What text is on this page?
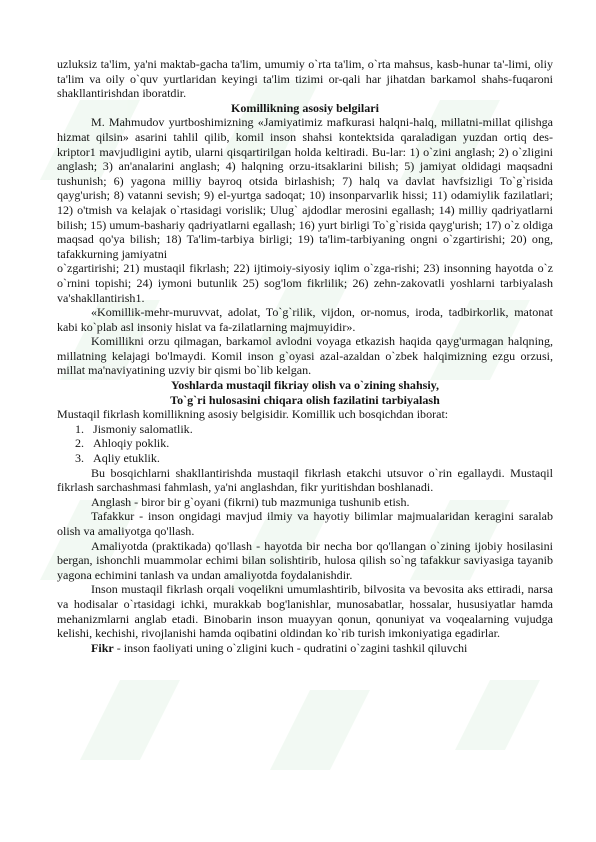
uzluksiz ta'lim, ya'ni maktab-gacha ta'lim, umumiy o`rta ta'lim, o`rta mahsus, kasb-hunar ta'-limi, oliy ta'lim va oily o`quv yurtlaridan keyingi ta'lim tizimi or-qali har jihatdan barkamol shahs-fuqaroni shakllantirishdan iboratdir.

Komillikning asosiy belgilari

M. Mahmudov yurtboshimizning «Jamiyatimiz mafkurasi halqni-halq, millatni-millat qilishga hizmat qilsin» asarini tahlil qilib, komil inson shahsi kontektsida qaraladigan yuzdan ortiq des-kriptor1 mavjudligini aytib, ularni qisqartirilgan holda keltiradi. Bu-lar: 1) o`zini anglash; 2) o`zligini anglash; 3) an'analarini anglash; 4) halqning orzu-itsaklarini bilish; 5) jamiyat oldidagi maqsadni tushunish; 6) yagona milliy bayroq otsida birlashish; 7) halq va davlat havfsizligi To`g`risida qayg'urish; 8) vatanni sevish; 9) el-yurtga sadoqat; 10) insonparvarlik hissi; 11) odamiylik fazilatlari; 12) o'tmish va kelajak o`rtasidagi vorislik; Ulug` ajdodlar merosini egallash; 14) milliy qadriyatlarni bilish; 15) umum-bashariy qadriyatlarni egallash; 16) yurt birligi To`g`risida qayg'urish; 17) o`z oldiga maqsad qo'ya bilish; 18) Ta'lim-tarbiya birligi; 19) ta'lim-tarbiyaning ongni o`zgartirishi; 20) ong, tafakkurning jamiyatni

o`zgartirishi; 21) mustaqil fikrlash; 22) ijtimoiy-siyosiy iqlim o`zga-rishi; 23) insonning hayotda o`z o`rnini topishi; 24) iymoni butunlik 25) sog'lom fikrlilik; 26) zehn-zakovatli yoshlarni tarbiyalash va'shakllantirish1.

«Komillik-mehr-muruvvat, adolat, To`g`rilik, vijdon, or-nomus, iroda, tadbirkorlik, matonat kabi ko`plab asl insoniy hislat va fa-zilatlarning majmuyidir».

Komillikni orzu qilmagan, barkamol avlodni voyaga etkazish haqida qayg'urmagan halqning, millatning kelajagi bo'lmaydi. Komil inson g`oyasi azal-azaldan o`zbek halqimizning ezgu orzusi, millat ma'naviyatining uzviy bir qismi bo`lib kelgan.

Yoshlarda mustaqil fikriay olish va o`zining shahsiy,
To`g`ri hulosasini chiqara olish fazilatini tarbiyalash

Mustaqil fikrlash komillikning asosiy belgisidir. Komillik uch bosqichdan iborat:

1. Jismoniy salomatlik.
2. Ahloqiy poklik.
3. Aqliy etuklik.

Bu bosqichlarni shakllantirishda mustaqil fikrlash etakchi utsuvor o`rin egallaydi. Mustaqil fikrlash sarchashmasi fahmlash, ya'ni anglashdan, fikr yuritishdan boshlanadi.

Anglash - biror bir g`oyani (fikrni) tub mazmuniga tushunib etish.

Tafakkur - inson ongidagi mavjud ilmiy va hayotiy bilimlar majmualaridan keragini saralab olish va amaliyotga qo'llash.

Amaliyotda (praktikada) qo'llash - hayotda bir necha bor qo'llangan o`zining ijobiy hosilasini bergan, ishonchli muammolar echimi bilan solishtirib, hulosa qilish so`ng tafakkur saviyasiga tayanib yagona echimini tanlash va undan amaliyotda foydalanishdir.

Inson mustaqil fikrlash orqali voqelikni umumlashtirib, bilvosita va bevosita aks ettiradi, narsa va hodisalar o`rtasidagi ichki, murakkab bog'lanishlar, munosabatlar, hossalar, hususiyatlar hamda mehanizmlarni anglab etadi. Binobarin inson muayyan qonun, qonuniyat va voqealarning vujudga kelishi, kechishi, rivojlanishi hamda oqibatini oldindan ko`rib turish imkoniyatiga egadirlar.

Fikr - inson faoliyati uning o`zligini kuch - qudratini o`zagini tashkil qiluvchi
